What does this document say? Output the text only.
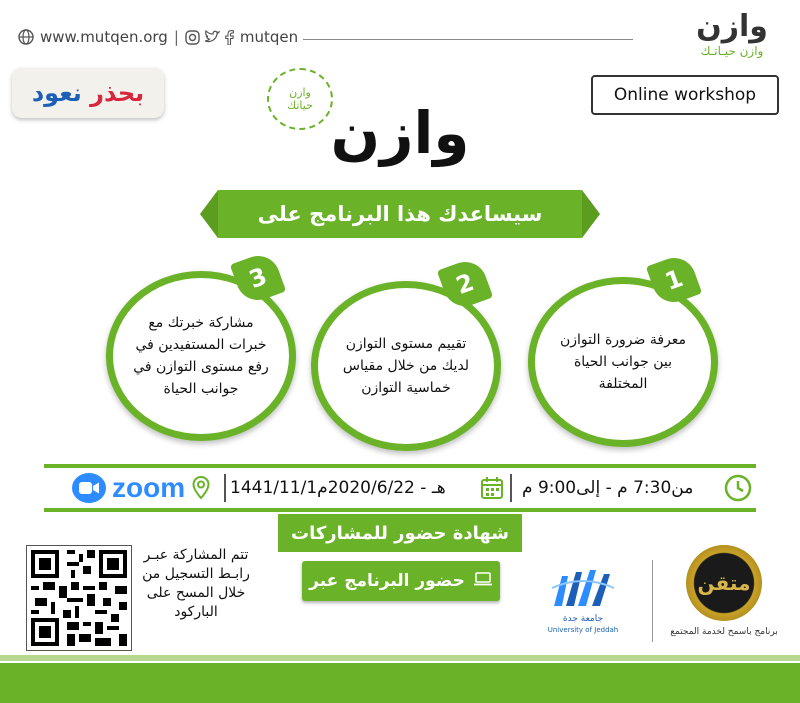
www.mutqen.org |	mutqen	وازن
وازن حيـاتـك
Online workshop
نعود
بحذر	وازن حياتك وازن
سيساعدك هذا البرنامج على
معرفة ضرورة التوازن بين جوانب الحياة المختلفة
1
تقييم مستوى التوازن لديك من خلال مقياس خماسية التوازن
2
مشاركة خبرتك مع خبرات المستفيدين في رفع مستوى التوازن في جوانب الحياة
3
zoom	1441/11/1هـ - 2020/6/22م	من7:30 م - إلى9:00 م
شهادة حضور للمشاركات
حضور البرنامج عبر
تتم المشاركة عبـر رابـط التسجيل من خلال المسح على الباركود	جامعة جدة
University of Jeddah
متقن
برنامج باسمح لخدمة المجتمع
